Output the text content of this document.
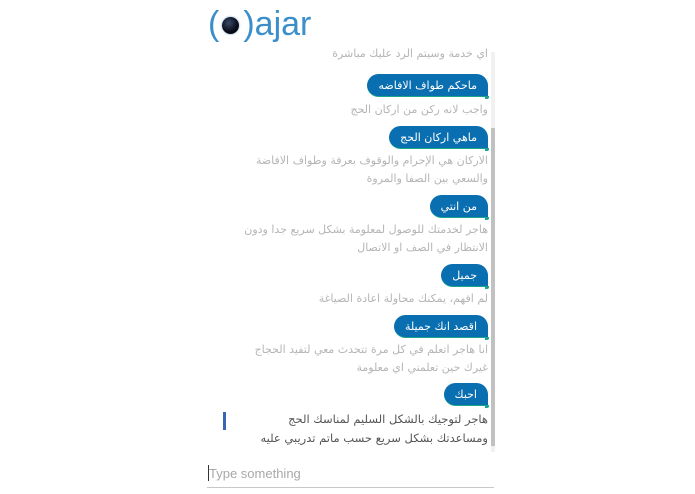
( ) ajar
اي خدمة وسيتم الرد عليك مباشرة
ماحكم طواف الافاضه
واجب لانه ركن من اركان الحج
ماهي اركان الحج
الاركان هي الإحرام والوقوف بعرفة وطواف الافاضة والسعي بين الصفا والمروة
من انتي
هاجر لخدمتك للوصول لمعلومة بشكل سريع جدا ودون الانتظار في الصف او الاتصال
جميل
لم افهم، يمكنك محاولة اعادة الصياغة
اقصد انك جميلة
انا هاجر اتعلم في كل مرة تتحدث معي لتفيد الحجاج غيرك حين تعلمني اي معلومة
احبك
هاجر لتوجيك بالشكل السليم لمناسك الحج ومساعدتك بشكل سريع حسب ماتم تدريبي عليه
Type something
